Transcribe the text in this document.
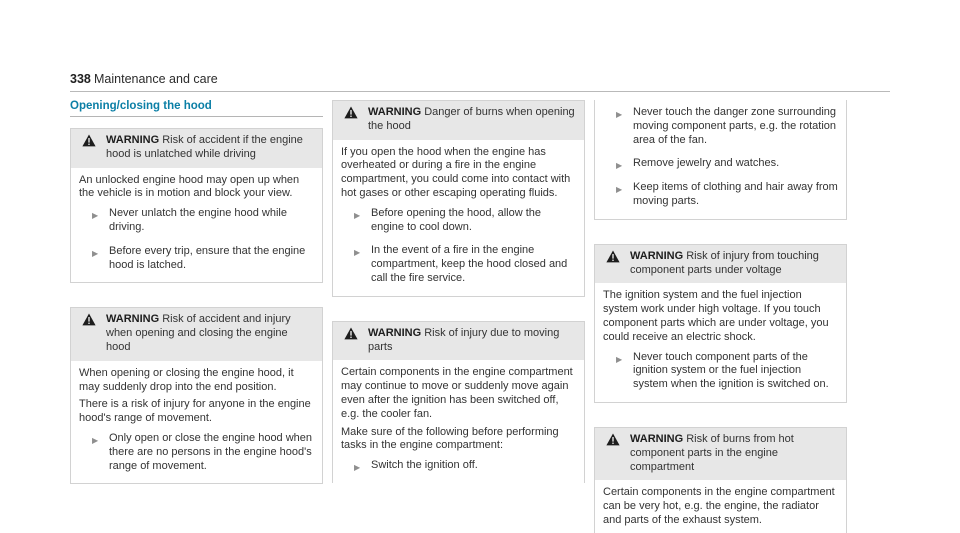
338 Maintenance and care
Opening/closing the hood
WARNING Risk of accident if the engine hood is unlatched while driving

An unlocked engine hood may open up when the vehicle is in motion and block your view.

▶ Never unlatch the engine hood while driving.
▶ Before every trip, ensure that the engine hood is latched.
WARNING Risk of accident and injury when opening and closing the engine hood

When opening or closing the engine hood, it may suddenly drop into the end position.

There is a risk of injury for anyone in the engine hood's range of movement.

▶ Only open or close the engine hood when there are no persons in the engine hood's range of movement.
WARNING Danger of burns when opening the hood

If you open the hood when the engine has overheated or during a fire in the engine compartment, you could come into contact with hot gases or other escaping operating fluids.

▶ Before opening the hood, allow the engine to cool down.
▶ In the event of a fire in the engine compartment, keep the hood closed and call the fire service.
WARNING Risk of injury due to moving parts

Certain components in the engine compartment may continue to move or suddenly move again even after the ignition has been switched off, e.g. the cooler fan.

Make sure of the following before performing tasks in the engine compartment:

▶ Switch the ignition off.
▶ Never touch the danger zone surrounding moving component parts, e.g. the rotation area of the fan.
▶ Remove jewelry and watches.
▶ Keep items of clothing and hair away from moving parts.
WARNING Risk of injury from touching component parts under voltage

The ignition system and the fuel injection system work under high voltage. If you touch component parts which are under voltage, you could receive an electric shock.

▶ Never touch component parts of the ignition system or the fuel injection system when the ignition is switched on.
WARNING Risk of burns from hot component parts in the engine compartment

Certain components in the engine compartment can be very hot, e.g. the engine, the radiator and parts of the exhaust system.
